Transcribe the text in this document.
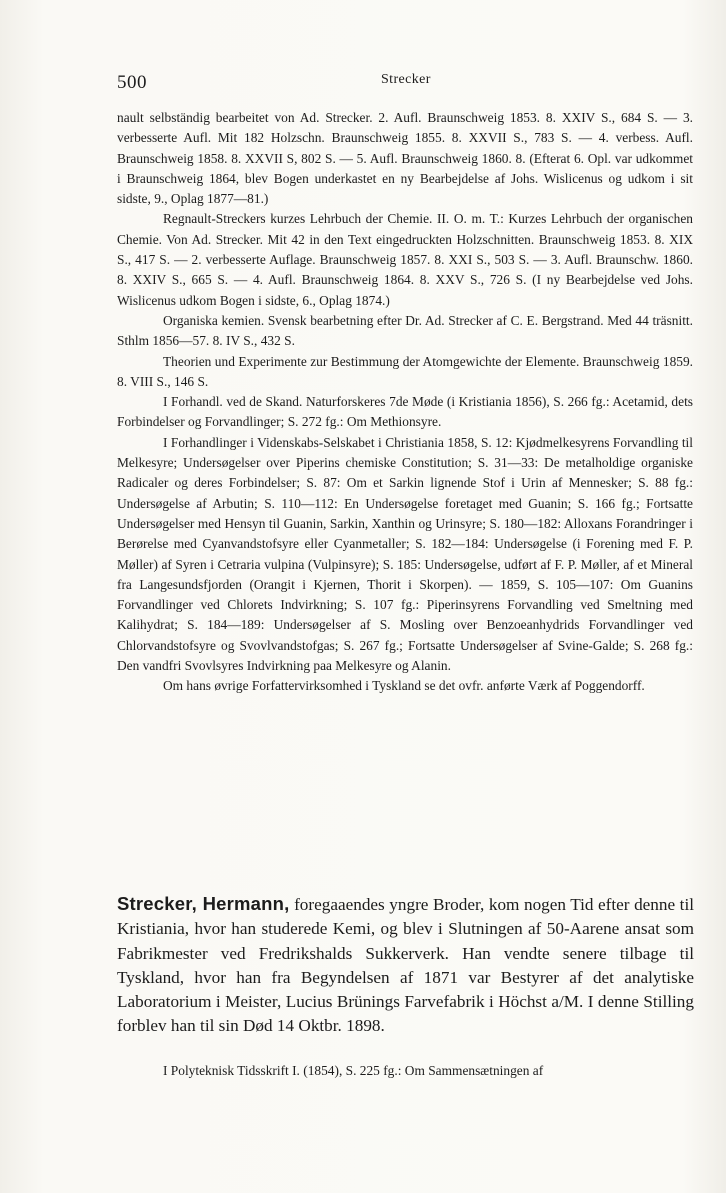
500	Strecker

nault selbständig bearbeitet von Ad. Strecker. 2. Aufl. Braunschweig 1853. 8. XXIV S., 684 S. — 3. verbesserte Aufl. Mit 182 Holzschn. Braunschweig 1855. 8. XXVII S., 783 S. — 4. verbess. Aufl. Braunschweig 1858. 8. XXVII S, 802 S. — 5. Aufl. Braunschweig 1860. 8. (Efterat 6. Opl. var udkommet i Braunschweig 1864, blev Bogen underkastet en ny Bearbejdelse af Johs. Wislicenus og udkom i sit sidste, 9., Oplag 1877—81.)

Regnault-Streckers kurzes Lehrbuch der Chemie. II. O. m. T.: Kurzes Lehrbuch der organischen Chemie. Von Ad. Strecker. Mit 42 in den Text eingedruckten Holzschnitten. Braunschweig 1853. 8. XIX S., 417 S. — 2. verbesserte Auflage. Braunschweig 1857. 8. XXI S., 503 S. — 3. Aufl. Braunschw. 1860. 8. XXIV S., 665 S. — 4. Aufl. Braunschweig 1864. 8. XXV S., 726 S. (I ny Bearbejdelse ved Johs. Wislicenus udkom Bogen i sidste, 6., Oplag 1874.)

Organiska kemien. Svensk bearbetning efter Dr. Ad. Strecker af C. E. Bergstrand. Med 44 träsnitt. Sthlm 1856—57. 8. IV S., 432 S.

Theorien und Experimente zur Bestimmung der Atomgewichte der Elemente. Braunschweig 1859. 8. VIII S., 146 S.

I Forhandl. ved de Skand. Naturforskeres 7de Møde (i Kristiania 1856), S. 266 fg.: Acetamid, dets Forbindelser og Forvandlinger; S. 272 fg.: Om Methionsyre.

I Forhandlinger i Videnskabs-Selskabet i Christiania 1858, S. 12: Kjødmelkesyrens Forvandling til Melkesyre; Undersøgelser over Piperins chemiske Constitution; S. 31—33: De metalholdige organiske Radicaler og deres Forbindelser; S. 87: Om et Sarkin lignende Stof i Urin af Mennesker; S. 88 fg.: Undersøgelse af Arbutin; S. 110—112: En Undersøgelse foretaget med Guanin; S. 166 fg.; Fortsatte Undersøgelser med Hensyn til Guanin, Sarkin, Xanthin og Urinsyre; S. 180—182: Alloxans Forandringer i Berørelse med Cyanvandstofsyre eller Cyanmetaller; S. 182—184: Undersøgelse (i Forening med F. P. Møller) af Syren i Cetraria vulpina (Vulpinsyre); S. 185: Undersøgelse, udført af F. P. Møller, af et Mineral fra Langesundsfjorden (Orangit i Kjernen, Thorit i Skorpen). — 1859, S. 105—107: Om Guanins Forvandlinger ved Chlorets Indvirkning; S. 107 fg.: Piperinsyrens Forvandling ved Smeltning med Kalihydrat; S. 184—189: Undersøgelser af S. Mosling over Benzoeanhydrids Forvandlinger ved Chlorvandstofsyre og Svovlvandstofgas; S. 267 fg.; Fortsatte Undersøgelser af Svine-Galde; S. 268 fg.: Den vandfri Svovlsyres Indvirkning paa Melkesyre og Alanin.

Om hans øvrige Forfattervirksomhed i Tyskland se det ovfr. anførte Værk af Poggendorff.

Strecker, Hermann, foregaaendes yngre Broder, kom nogen Tid efter denne til Kristiania, hvor han studerede Kemi, og blev i Slutningen af 50-Aarene ansat som Fabrikmester ved Fredrikshalds Sukkerverk. Han vendte senere tilbage til Tyskland, hvor han fra Begyndelsen af 1871 var Bestyrer af det analytiske Laboratorium i Meister, Lucius Brünings Farvefabrik i Höchst a/M. I denne Stilling forblev han til sin Død 14 Oktbr. 1898.

I Polyteknisk Tidsskrift I. (1854), S. 225 fg.: Om Sammensætningen af
